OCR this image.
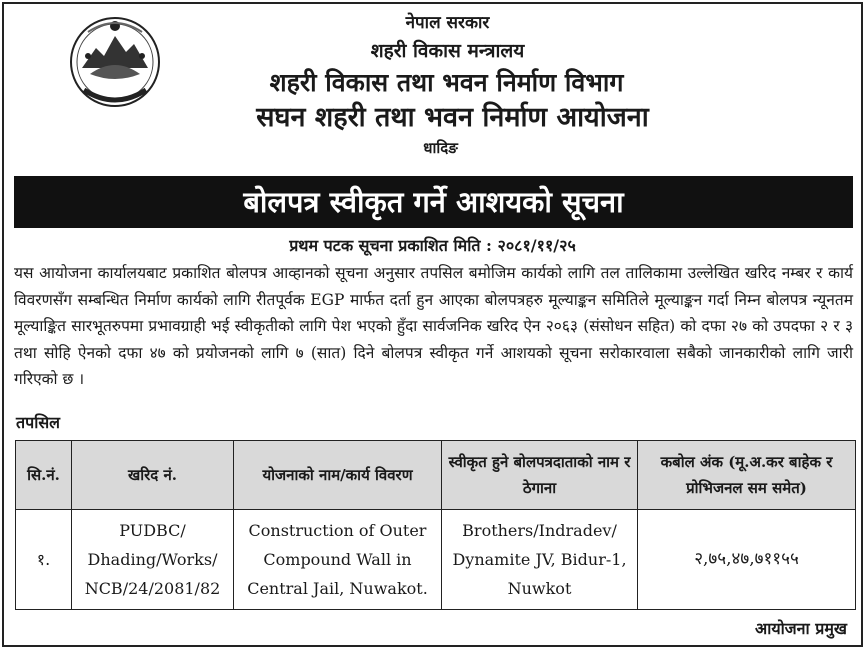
नेपाल सरकार
शहरी विकास मन्त्रालय
शहरी विकास तथा भवन निर्माण विभाग
सघन शहरी तथा भवन निर्माण आयोजना
धादिङ
बोलपत्र स्वीकृत गर्ने आशयको सूचना
प्रथम पटक सूचना प्रकाशित मिति : २०८१/११/२५

यस आयोजना कार्यालयबाट प्रकाशित बोलपत्र आव्हानको सूचना अनुसार तपसिल बमोजिम कार्यको लागि तल तालिकामा उल्लेखित खरिद नम्बर र कार्य विवरणसँग सम्बन्धित निर्माण कार्यको लागि रीतपूर्वक EGP मार्फत दर्ता हुन आएका बोलपत्रहरु मूल्याङ्कन समितिले मूल्याङ्कन गर्दा निम्न बोलपत्र न्यूनतम मूल्याङ्कित सारभूतरुपमा प्रभावग्राही भई स्वीकृतीको लागि पेश भएको हुँदा सार्वजनिक खरिद ऐन २०६३ (संसोधन सहित) को दफा २७ को उपदफा २ र ३ तथा सोहि ऐनको दफा ४७ को प्रयोजनको लागि ७ (सात) दिने बोलपत्र स्वीकृत गर्ने आशयको सूचना सरोकारवाला सबैको जानकारीको लागि जारी गरिएको छ ।

तपसिल
सि.नं.	खरिद नं.	योजनाको नाम/कार्य विवरण	स्वीकृत हुने बोलपत्रदाताको नाम र ठेगाना	कबोल अंक (मू.अ.कर बाहेक र प्रोभिजनल सम समेत)
१.	PUDBC/ Dhading/Works/ NCB/24/2081/82	Construction of Outer Compound Wall in Central Jail, Nuwakot.	Brothers/Indradev/ Dynamite JV, Bidur-1, Nuwkot	२,७५,४७,७११५५
आयोजना प्रमुख
